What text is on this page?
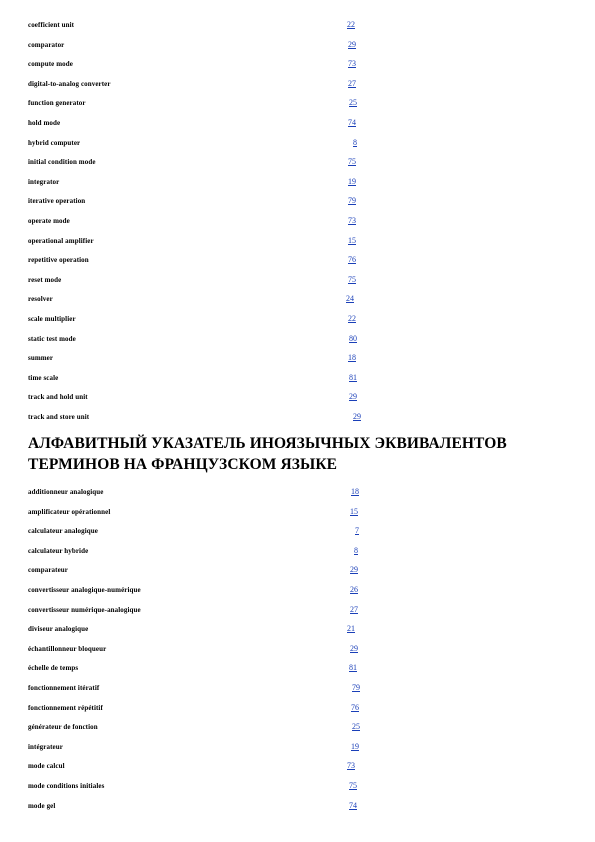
coefficient unit	22
comparator	29
compute mode	73
digital-to-analog converter	27
function generator	25
hold mode	74
hybrid computer	8
initial condition mode	75
integrator	19
iterative operation	79
operate mode	73
operational amplifier	15
repetitive operation	76
reset mode	75
resolver	24
scale multiplier	22
static test mode	80
summer	18
time scale	81
track and hold unit	29
track and store unit	29
АЛФАВИТНЫЙ УКАЗАТЕЛЬ ИНОЯЗЫЧНЫХ ЭКВИВАЛЕНТОВ
ТЕРМИНОВ НА ФРАНЦУЗСКОМ ЯЗЫКЕ
additionneur analogique	18
amplificateur opérationnel	15
calculateur analogique	7
calculateur hybride	8
comparateur	29
convertisseur analogique-numérique	26
convertisseur numérique-analogique	27
diviseur analogique	21
échantillonneur bloqueur	29
échelle de temps	81
fonctionnement itératif	79
fonctionnement répétitif	76
générateur de fonction	25
intégrateur	19
mode calcul	73
mode conditions initiales	75
mode gel	74
